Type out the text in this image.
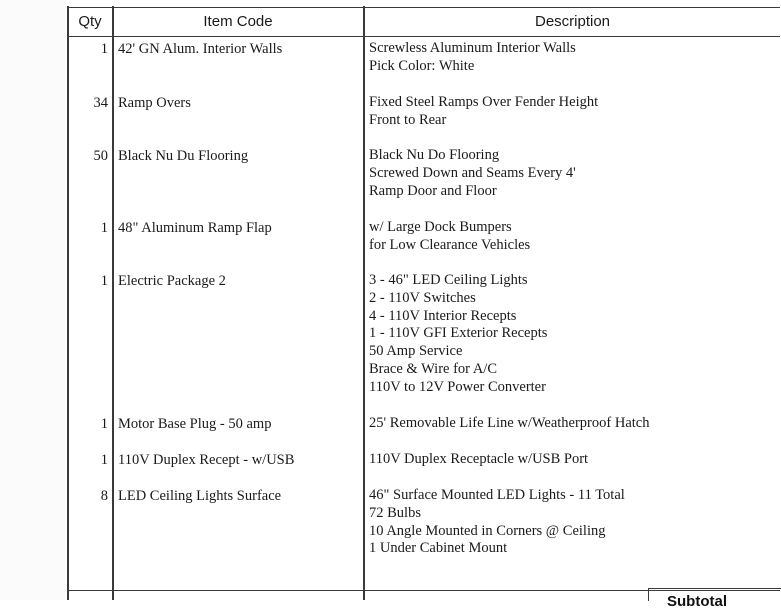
Qty	Item Code	Description
1 42' GN Alum. Interior Walls	Screwless Aluminum Interior Walls
Pick Color: White
34 Ramp Overs	Fixed Steel Ramps Over Fender Height
Front to Rear
50 Black Nu Du Flooring	Black Nu Do Flooring
Screwed Down and Seams Every 4'
Ramp Door and Floor
1 48" Aluminum Ramp Flap	w/ Large Dock Bumpers
for Low Clearance Vehicles
1 Electric Package 2	3 - 46" LED Ceiling Lights
2 - 110V Switches
4 - 110V Interior Recepts
1 - 110V GFI Exterior Recepts
50 Amp Service
Brace & Wire for A/C
110V to 12V Power Converter
1 Motor Base Plug - 50 amp	25' Removable Life Line w/Weatherproof Hatch
1 110V Duplex Recept - w/USB	110V Duplex Receptacle w/USB Port
8 LED Ceiling Lights Surface	46" Surface Mounted LED Lights - 11 Total
72 Bulbs
10 Angle Mounted in Corners @ Ceiling
1 Under Cabinet Mount
Subtotal
